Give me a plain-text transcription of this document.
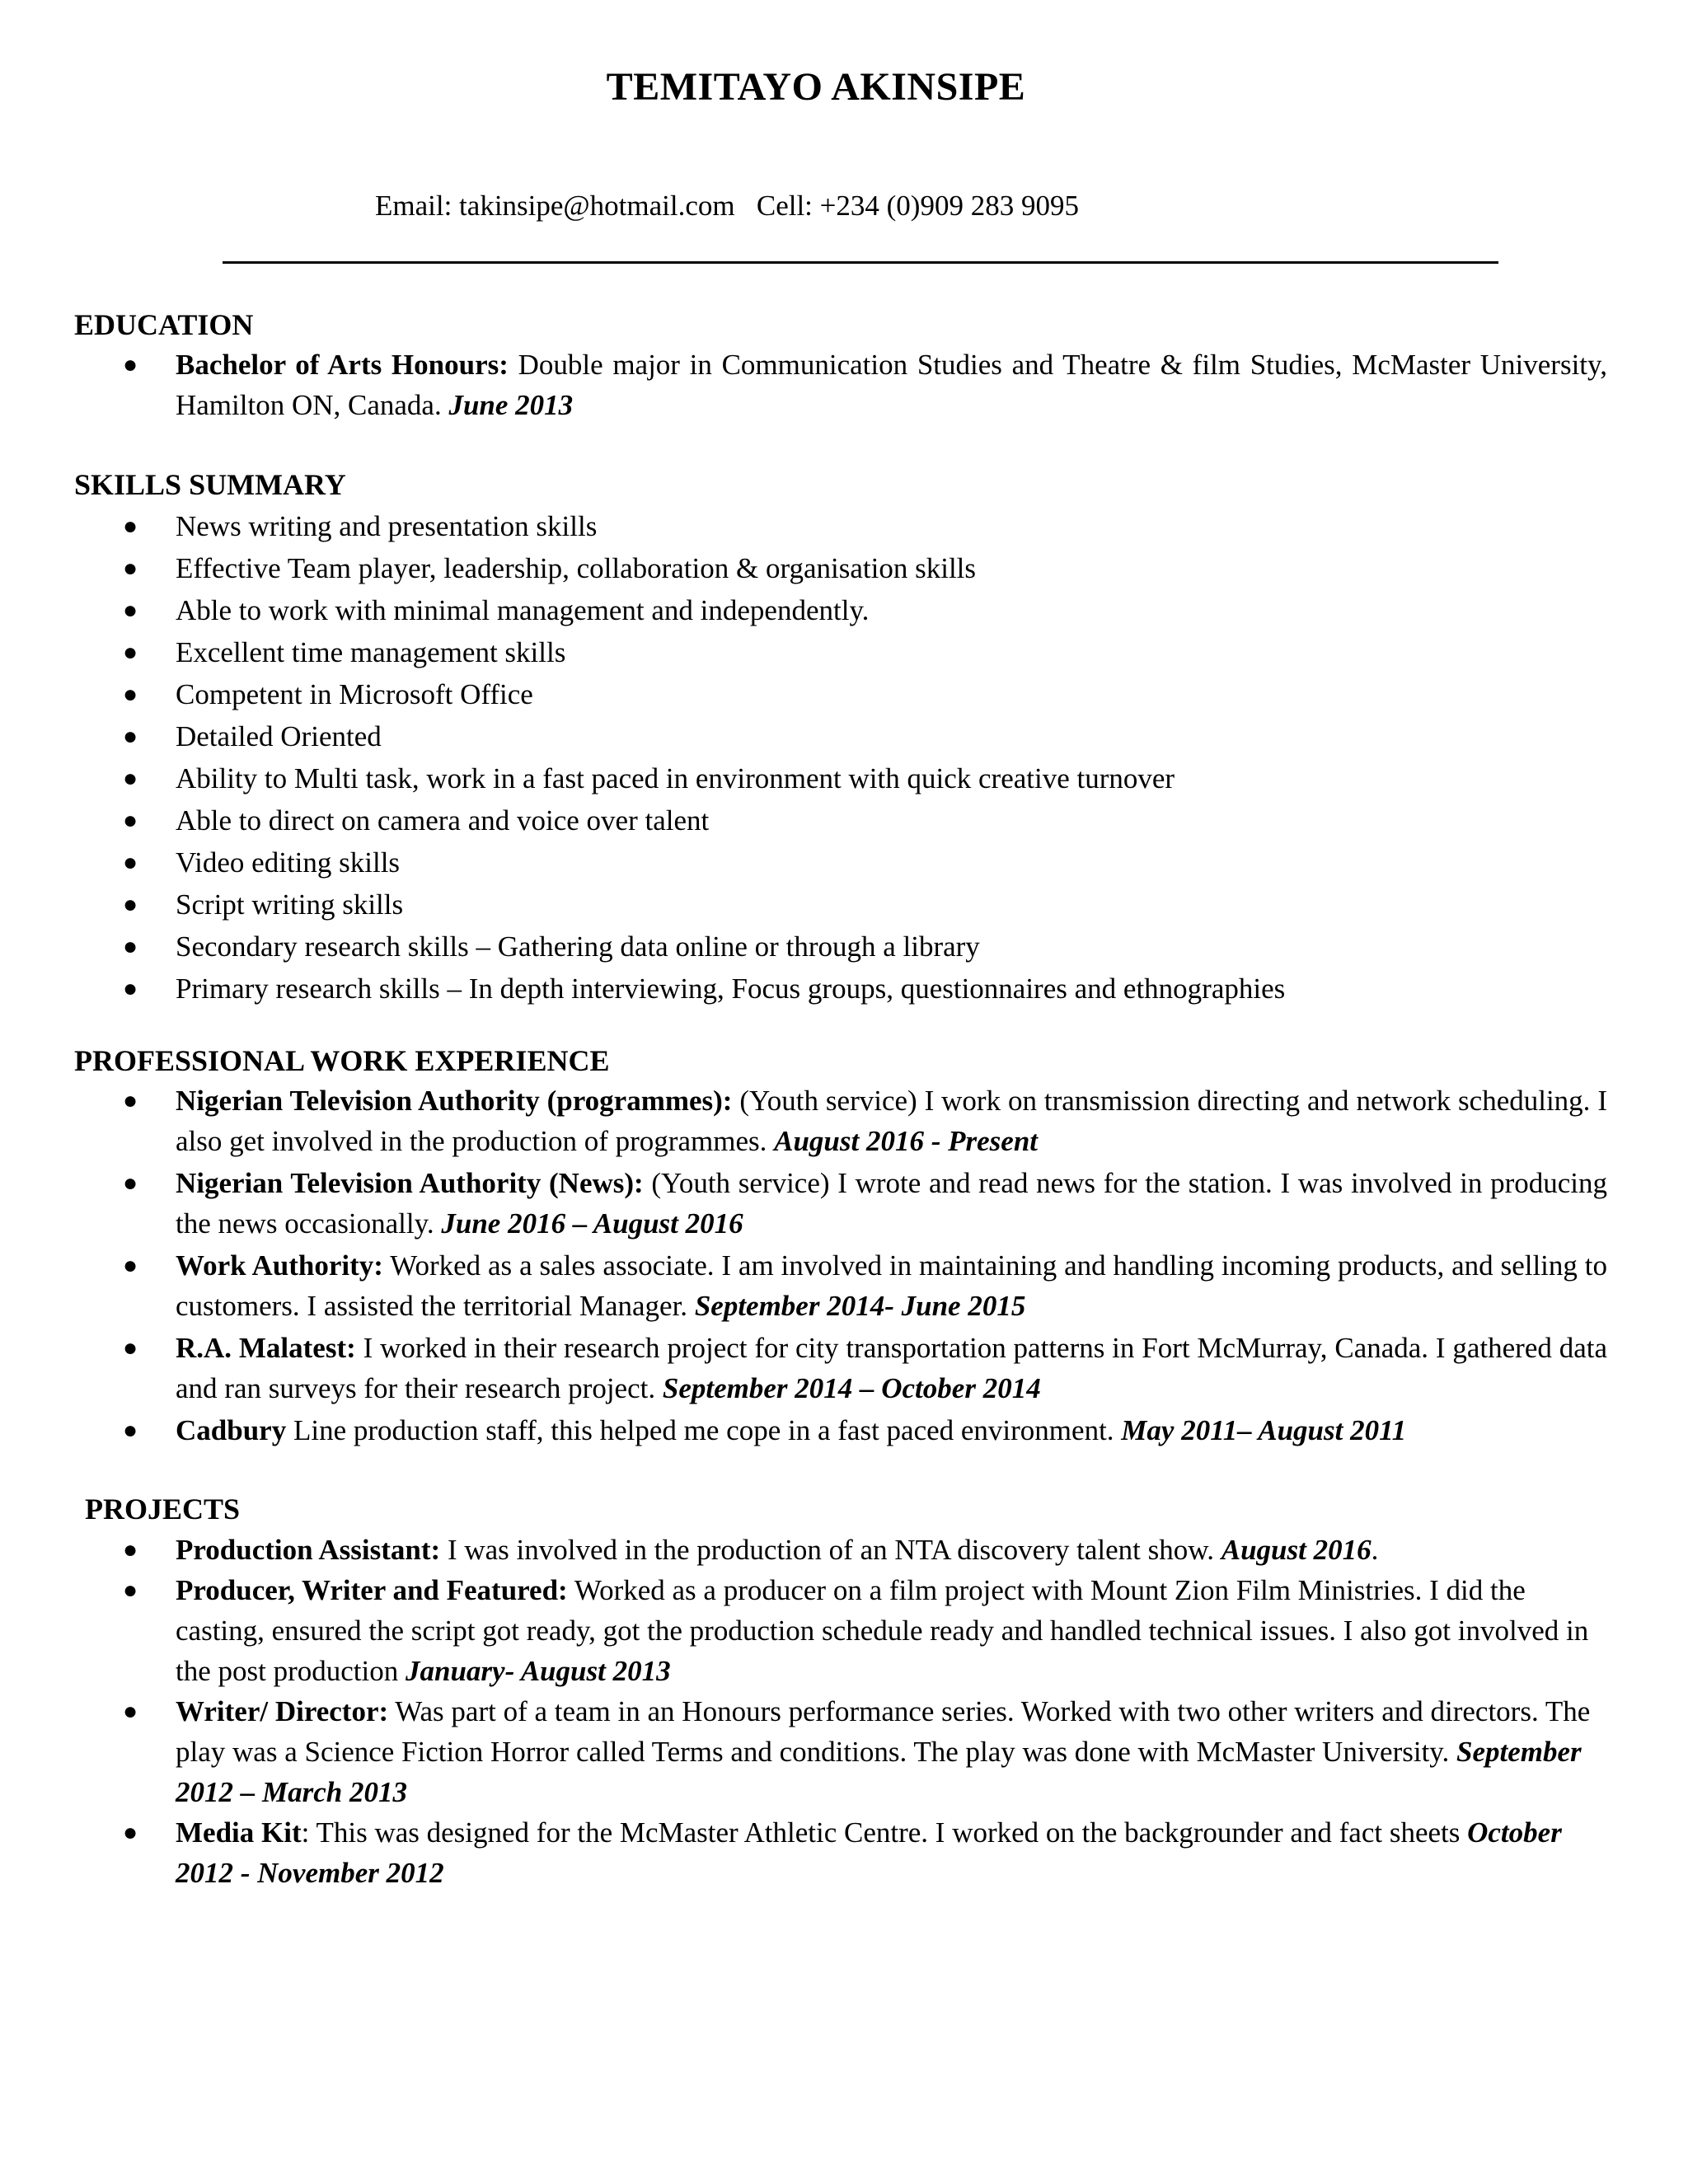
TEMITAYO AKINSIPE
Email: takinsipe@hotmail.com   Cell: +234 (0)909 283 9095
EDUCATION
● Bachelor of Arts Honours: Double major in Communication Studies and Theatre & film Studies, McMaster University, Hamilton ON, Canada. June 2013
SKILLS SUMMARY
● News writing and presentation skills
● Effective Team player, leadership, collaboration & organisation skills
● Able to work with minimal management and independently.
● Excellent time management skills
● Competent in Microsoft Office
● Detailed Oriented
● Ability to Multi task, work in a fast paced in environment with quick creative turnover
● Able to direct on camera and voice over talent
● Video editing skills
● Script writing skills
● Secondary research skills – Gathering data online or through a library
● Primary research skills – In depth interviewing, Focus groups, questionnaires and ethnographies
PROFESSIONAL WORK EXPERIENCE
● Nigerian Television Authority (programmes): (Youth service) I work on transmission directing and network scheduling. I also get involved in the production of programmes. August 2016 - Present
● Nigerian Television Authority (News): (Youth service) I wrote and read news for the station. I was involved in producing the news occasionally. June 2016 – August 2016
● Work Authority: Worked as a sales associate. I am involved in maintaining and handling incoming products, and selling to customers. I assisted the territorial Manager. September 2014- June 2015
● R.A. Malatest: I worked in their research project for city transportation patterns in Fort McMurray, Canada. I gathered data and ran surveys for their research project. September 2014 – October 2014
● Cadbury Line production staff, this helped me cope in a fast paced environment. May 2011– August 2011
PROJECTS
● Production Assistant: I was involved in the production of an NTA discovery talent show. August 2016.
● Producer, Writer and Featured: Worked as a producer on a film project with Mount Zion Film Ministries. I did the casting, ensured the script got ready, got the production schedule ready and handled technical issues. I also got involved in the post production January- August 2013
● Writer/ Director: Was part of a team in an Honours performance series. Worked with two other writers and directors. The play was a Science Fiction Horror called Terms and conditions. The play was done with McMaster University. September 2012 – March 2013
● Media Kit: This was designed for the McMaster Athletic Centre. I worked on the backgrounder and fact sheets October 2012 - November 2012
